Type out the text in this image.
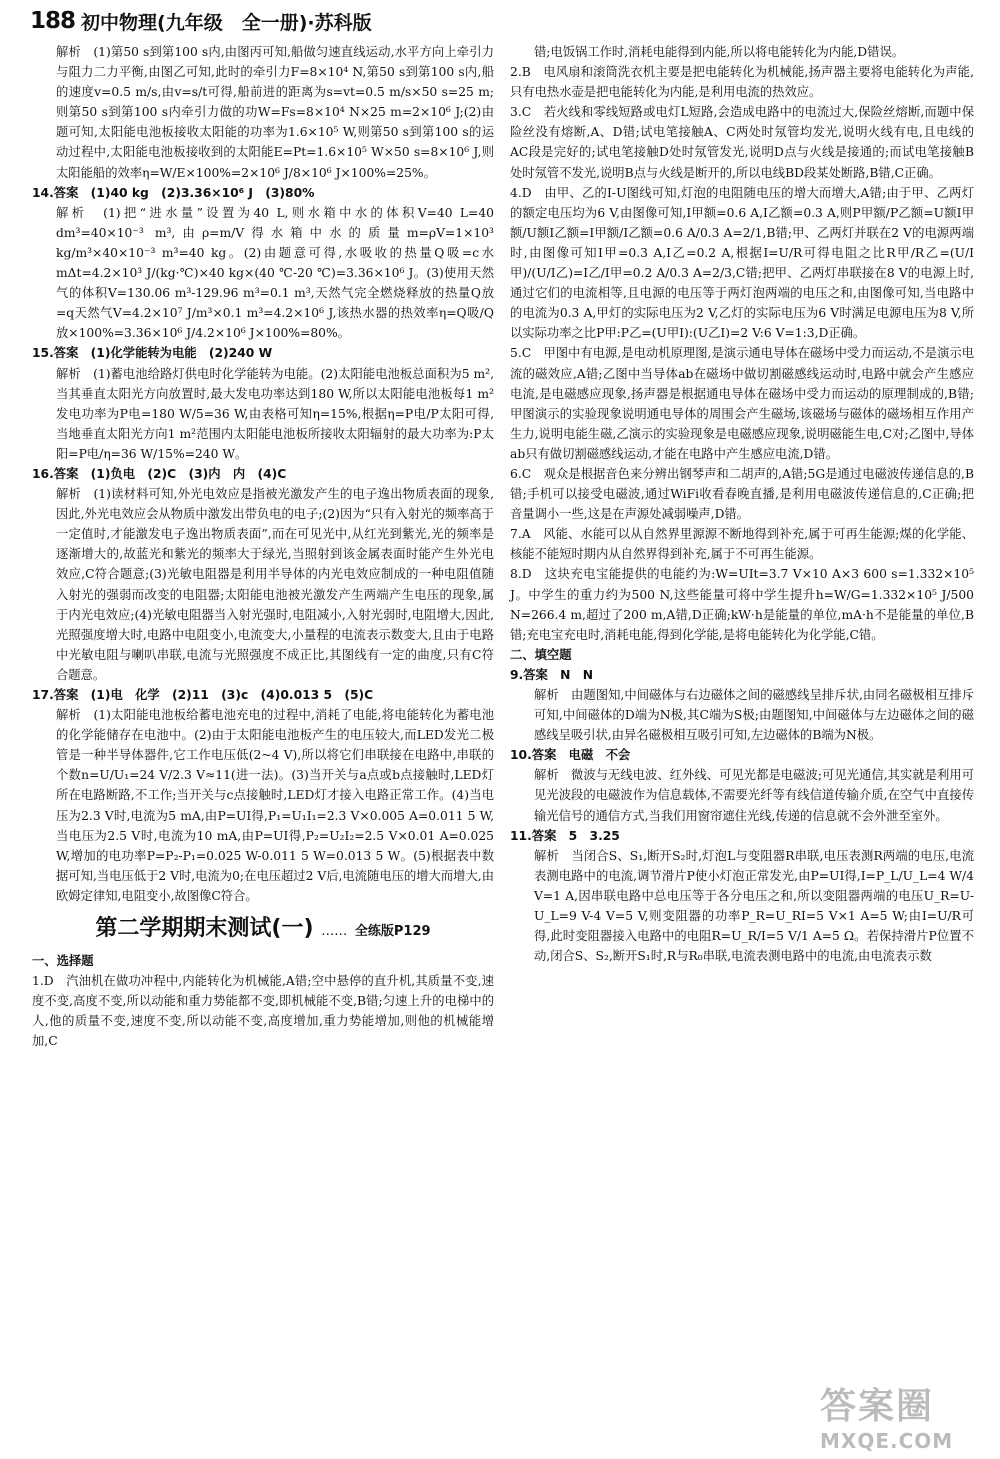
188 初中物理(九年级　全一册)·苏科版

解析　(1)第50 s到第100 s内,由图丙可知,船做匀速直线运动,水平方向上牵引力与阻力二力平衡,由图乙可知,此时的牵引力F=8×10⁴ N,第50 s到第100 s内,船的速度v=0.5 m/s,由v=s/t可得,船前进的距离为s=vt=0.5 m/s×50 s=25 m;则第50 s到第100 s内牵引力做的功W=Fs=8×10⁴ N×25 m=2×10⁶ J;(2)由题可知,太阳能电池板接收太阳能的功率为1.6×10⁵ W,则第50 s到第100 s的运动过程中,太阳能电池板接收到的太阳能E=Pt=1.6×10⁵ W×50 s=8×10⁶ J,则太阳能船的效率η=W/E×100%=2×10⁶ J/8×10⁶ J×100%=25%。

14.答案　(1)40 kg　(2)3.36×10⁶ J　(3)80%

解析　(1)把“进水量”设置为40 L,则水箱中水的体积V=40 L=40 dm³=40×10⁻³ m³,由ρ=m/V得水箱中水的质量m=ρV=1×10³ kg/m³×40×10⁻³ m³=40 kg。(2)由题意可得,水吸收的热量Q吸=c水mΔt=4.2×10³ J/(kg·℃)×40 kg×(40 ℃-20 ℃)=3.36×10⁶ J。(3)使用天然气的体积V=130.06 m³-129.96 m³=0.1 m³,天然气完全燃烧释放的热量Q放=q天然气V=4.2×10⁷ J/m³×0.1 m³=4.2×10⁶ J,该热水器的热效率η=Q吸/Q放×100%=3.36×10⁶ J/4.2×10⁶ J×100%=80%。

15.答案　(1)化学能转为电能　(2)240 W

解析　(1)蓄电池给路灯供电时化学能转为电能。(2)太阳能电池板总面积为5 m²,当其垂直太阳光方向放置时,最大发电功率达到180 W,所以太阳能电池板每1 m²发电功率为P电=180 W/5=36 W,由表格可知η=15%,根据η=P电/P太阳可得,当地垂直太阳光方向1 m²范围内太阳能电池板所接收太阳辐射的最大功率为:P太阳=P电/η=36 W/15%=240 W。

16.答案　(1)负电　(2)C　(3)内　内　(4)C

解析　(1)读材料可知,外光电效应是指被光激发产生的电子逸出物质表面的现象,因此,外光电效应会从物质中激发出带负电的电子;(2)因为“只有入射光的频率高于一定值时,才能激发电子逸出物质表面”,而在可见光中,从红光到紫光,光的频率是逐渐增大的,故蓝光和紫光的频率大于绿光,当照射到该金属表面时能产生外光电效应,C符合题意;(3)光敏电阻器是利用半导体的内光电效应制成的一种电阻值随入射光的强弱而改变的电阻器;太阳能电池被光激发产生两端产生电压的现象,属于内光电效应;(4)光敏电阻器当入射光强时,电阻减小,入射光弱时,电阻增大,因此,光照强度增大时,电路中电阻变小,电流变大,小量程的电流表示数变大,且由于电路中光敏电阻与喇叭串联,电流与光照强度不成正比,其图线有一定的曲度,只有C符合题意。

17.答案　(1)电　化学　(2)11　(3)c　(4)0.013 5　(5)C

解析　(1)太阳能电池板给蓄电池充电的过程中,消耗了电能,将电能转化为蓄电池的化学能储存在电池中。(2)由于太阳能电池板产生的电压较大,而LED发光二极管是一种半导体器件,它工作电压低(2~4 V),所以将它们串联接在电路中,串联的个数n=U/U₁=24 V/2.3 V≈11(进一法)。(3)当开关与a点或b点接触时,LED灯所在电路断路,不工作;当开关与c点接触时,LED灯才接入电路正常工作。(4)当电压为2.3 V时,电流为5 mA,由P=UI得,P₁=U₁I₁=2.3 V×0.005 A=0.011 5 W,当电压为2.5 V时,电流为10 mA,由P=UI得,P₂=U₂I₂=2.5 V×0.01 A=0.025 W,增加的电功率P=P₂-P₁=0.025 W-0.011 5 W=0.013 5 W。(5)根据表中数据可知,当电压低于2 V时,电流为0;在电压超过2 V后,电流随电压的增大而增大,由欧姆定律知,电阻变小,故图像C符合。

第二学期期末测试(一) …… 全练版P129

一、选择题

1.D　汽油机在做功冲程中,内能转化为机械能,A错;空中悬停的直升机,其质量不变,速度不变,高度不变,所以动能和重力势能都不变,即机械能不变,B错;匀速上升的电梯中的人,他的质量不变,速度不变,所以动能不变,高度增加,重力势能增加,则他的机械能增加,C

错;电饭锅工作时,消耗电能得到内能,所以将电能转化为内能,D错误。

2.B　电风扇和滚筒洗衣机主要是把电能转化为机械能,扬声器主要将电能转化为声能,只有电热水壶是把电能转化为内能,是利用电流的热效应。

3.C　若火线和零线短路或电灯L短路,会造成电路中的电流过大,保险丝熔断,而题中保险丝没有熔断,A、D错;试电笔接触A、C两处时氖管均发光,说明火线有电,且电线的AC段是完好的;试电笔接触D处时氖管发光,说明D点与火线是接通的;而试电笔接触B处时氖管不发光,说明B点与火线是断开的,所以电线BD段某处断路,B错,C正确。

4.D　由甲、乙的I-U图线可知,灯泡的电阻随电压的增大而增大,A错;由于甲、乙两灯的额定电压均为6 V,由图像可知,I甲额=0.6 A,I乙额=0.3 A,则P甲额/P乙额=U额I甲额/U额I乙额=I甲额/I乙额=0.6 A/0.3 A=2/1,B错;甲、乙两灯并联在2 V的电源两端时,由图像可知I甲=0.3 A,I乙=0.2 A,根据I=U/R可得电阻之比R甲/R乙=(U/I甲)/(U/I乙)=I乙/I甲=0.2 A/0.3 A=2/3,C错;把甲、乙两灯串联接在8 V的电源上时,通过它们的电流相等,且电源的电压等于两灯泡两端的电压之和,由图像可知,当电路中的电流为0.3 A,甲灯的实际电压为2 V,乙灯的实际电压为6 V时满足电源电压为8 V,所以实际功率之比P甲:P乙=(U甲I):(U乙I)=2 V:6 V=1:3,D正确。

5.C　甲图中有电源,是电动机原理图,是演示通电导体在磁场中受力而运动,不是演示电流的磁效应,A错;乙图中当导体ab在磁场中做切割磁感线运动时,电路中就会产生感应电流,是电磁感应现象,扬声器是根据通电导体在磁场中受力而运动的原理制成的,B错;甲图演示的实验现象说明通电导体的周围会产生磁场,该磁场与磁体的磁场相互作用产生力,说明电能生磁,乙演示的实验现象是电磁感应现象,说明磁能生电,C对;乙图中,导体ab只有做切割磁感线运动,才能在电路中产生感应电流,D错。

6.C　观众是根据音色来分辨出钢琴声和二胡声的,A错;5G是通过电磁波传递信息的,B错;手机可以接受电磁波,通过WiFi收看春晚直播,是利用电磁波传递信息的,C正确;把音量调小一些,这是在声源处减弱噪声,D错。

7.A　风能、水能可以从自然界里源源不断地得到补充,属于可再生能源;煤的化学能、核能不能短时期内从自然界得到补充,属于不可再生能源。

8.D　这块充电宝能提供的电能约为:W=UIt=3.7 V×10 A×3 600 s=1.332×10⁵ J。中学生的重力约为500 N,这些能量可将中学生提升h=W/G=1.332×10⁵ J/500 N=266.4 m,超过了200 m,A错,D正确;kW·h是能量的单位,mA·h不是能量的单位,B错;充电宝充电时,消耗电能,得到化学能,是将电能转化为化学能,C错。

二、填空题

9.答案　N　N

解析　由题图知,中间磁体与右边磁体之间的磁感线呈排斥状,由同名磁极相互排斥可知,中间磁体的D端为N极,其C端为S极;由题图知,中间磁体与左边磁体之间的磁感线呈吸引状,由异名磁极相互吸引可知,左边磁体的B端为N极。

10.答案　电磁　不会

解析　微波与无线电波、红外线、可见光都是电磁波;可见光通信,其实就是利用可见光波段的电磁波作为信息载体,不需要光纤等有线信道传输介质,在空气中直接传输光信号的通信方式,当我们用窗帘遮住光线,传递的信息就不会外泄至室外。

11.答案　5　3.25

解析　当闭合S、S₁,断开S₂时,灯泡L与变阻器R串联,电压表测R两端的电压,电流表测电路中的电流,调节滑片P使小灯泡正常发光,由P=UI得,I=P_L/U_L=4 W/4 V=1 A,因串联电路中总电压等于各分电压之和,所以变阻器两端的电压U_R=U-U_L=9 V-4 V=5 V,则变阻器的功率P_R=U_RI=5 V×1 A=5 W;由I=U/R可得,此时变阻器接入电路中的电阻R=U_R/I=5 V/1 A=5 Ω。若保持滑片P位置不动,闭合S、S₂,断开S₁时,R与R₀串联,电流表测电路中的电流,由电流表示数

答案圈
MXQE.COM
